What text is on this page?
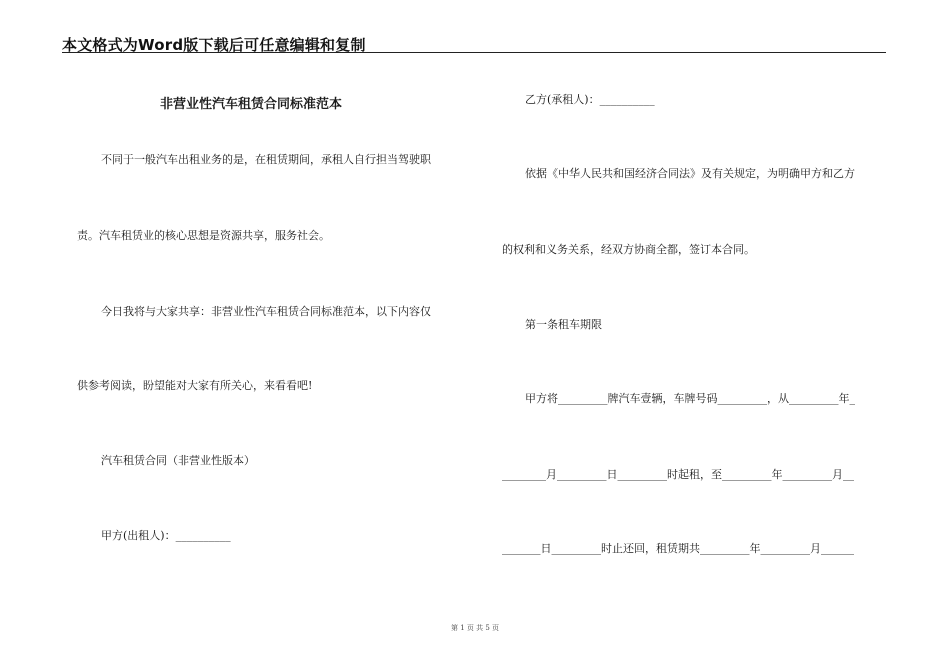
本文格式为Word版下载后可任意编辑和复制
非营业性汽车租赁合同标准范本
不同于一般汽车出租业务的是，在租赁期间，承租人自行担当驾驶职
责。汽车租赁业的核心思想是资源共享，服务社会。
今日我将与大家共享：非营业性汽车租赁合同标准范本，以下内容仅
供参考阅读，盼望能对大家有所关心，来看看吧!
汽车租赁合同（非营业性版本）
甲方(出租人)：__________
乙方(承租人)：__________
依据《中华人民共和国经济合同法》及有关规定，为明确甲方和乙方
的权利和义务关系，经双方协商全都，签订本合同。
第一条租车期限
甲方将_________牌汽车壹辆，车牌号码_________，从_________年_
________月_________日_________时起租，至_________年_________月__
_______日_________时止还回，租赁期共_________年_________月______
第 1 页 共 5 页
